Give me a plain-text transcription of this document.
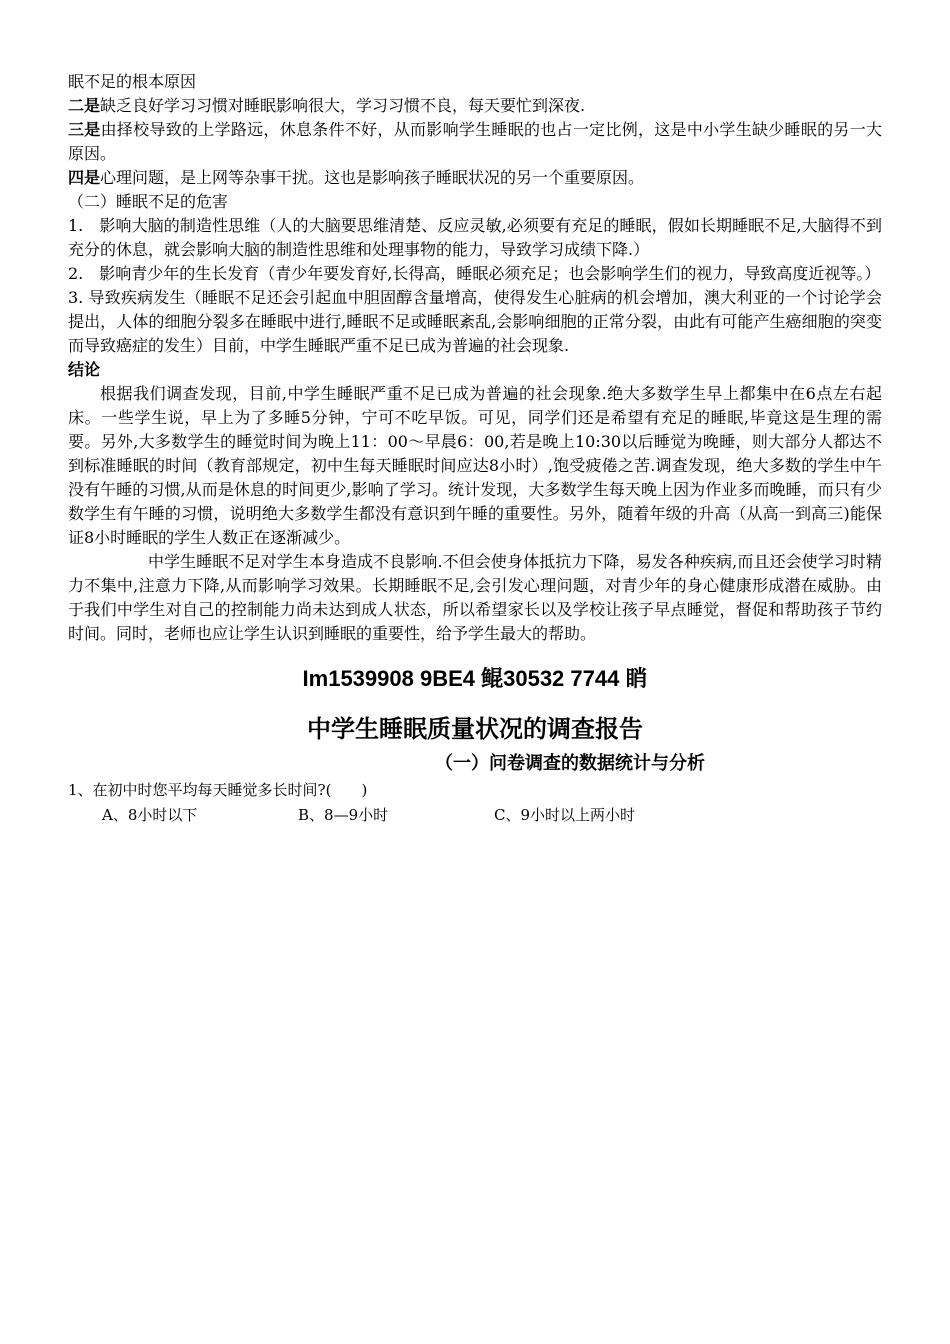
眠不足的根本原因

二是缺乏良好学习习惯对睡眠影响很大，学习习惯不良，每天要忙到深夜.

三是由择校导致的上学路远，休息条件不好，从而影响学生睡眠的也占一定比例，这是中小学生缺少睡眠的另一大原因。

四是心理问题，是上网等杂事干扰。这也是影响孩子睡眠状况的另一个重要原因。

（二）睡眠不足的危害

1.　影响大脑的制造性思维（人的大脑要思维清楚、反应灵敏,必须要有充足的睡眠，假如长期睡眠不足,大脑得不到充分的休息，就会影响大脑的制造性思维和处理事物的能力，导致学习成绩下降.）

2.　影响青少年的生长发育（青少年要发育好,长得高，睡眠必须充足；也会影响学生们的视力，导致高度近视等。）

3. 导致疾病发生（睡眠不足还会引起血中胆固醇含量增高，使得发生心脏病的机会增加，澳大利亚的一个讨论学会提出，人体的细胞分裂多在睡眠中进行,睡眠不足或睡眠紊乱,会影响细胞的正常分裂，由此有可能产生癌细胞的突变而导致癌症的发生）目前，中学生睡眠严重不足已成为普遍的社会现象.

结论

根据我们调查发现，目前,中学生睡眠严重不足已成为普遍的社会现象.绝大多数学生早上都集中在6点左右起床。一些学生说，早上为了多睡5分钟，宁可不吃早饭。可见，同学们还是希望有充足的睡眠,毕竟这是生理的需要。另外,大多数学生的睡觉时间为晚上11：00～早晨6：00,若是晚上10:30以后睡觉为晚睡，则大部分人都达不到标准睡眠的时间（教育部规定，初中生每天睡眠时间应达8小时）,饱受疲倦之苦.调查发现，绝大多数的学生中午没有午睡的习惯,从而是休息的时间更少,影响了学习。统计发现，大多数学生每天晚上因为作业多而晚睡，而只有少数学生有午睡的习惯，说明绝大多数学生都没有意识到午睡的重要性。另外，随着年级的升高（从高一到高三)能保证8小时睡眠的学生人数正在逐渐减少。

中学生睡眠不足对学生本身造成不良影响.不但会使身体抵抗力下降，易发各种疾病,而且还会使学习时精力不集中,注意力下降,从而影响学习效果。长期睡眠不足,会引发心理问题，对青少年的身心健康形成潜在威胁。由于我们中学生对自己的控制能力尚未达到成人状态，所以希望家长以及学校让孩子早点睡觉，督促和帮助孩子节约时间。同时，老师也应让学生认识到睡眠的重要性，给予学生最大的帮助。

Im1539908 9BE4 鲲30532 7744 睄
中学生睡眠质量状况的调查报告
（一）问卷调查的数据统计与分析

1、在初中时您平均每天睡觉多长时间?(　　)

A、8小时以下	B、8—9小时	C、9小时以上两小时
